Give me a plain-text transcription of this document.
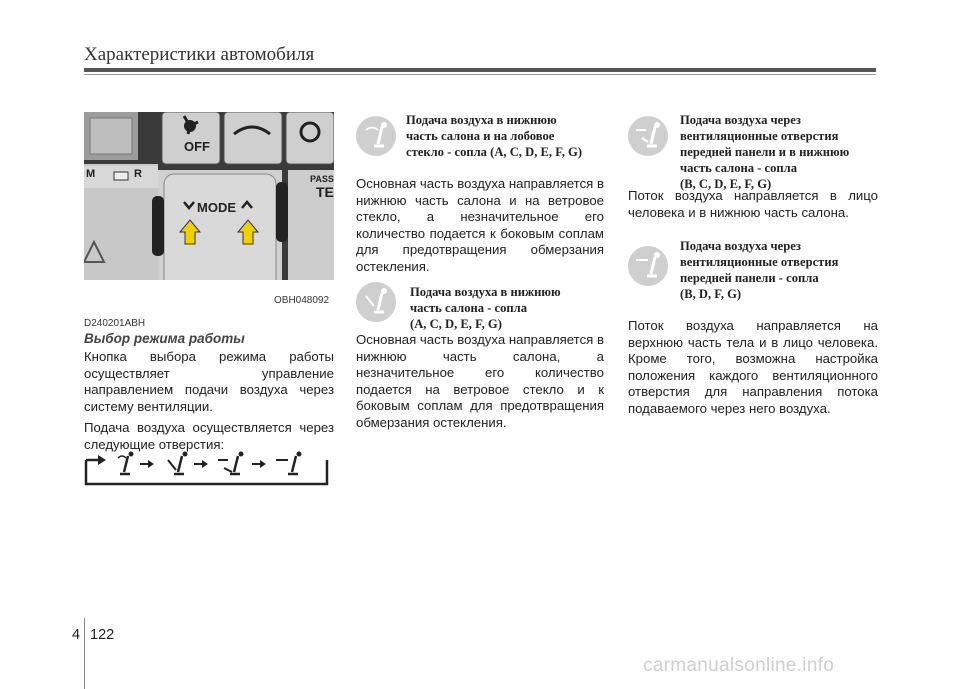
Характеристики автомобиля
OFF
MODE
M	R	PASS
TE
OBH048092
D240201ABH
Выбор режима работы

Кнопка выбора режима работы осуществляет управление направлением подачи воздуха через систему вентиляции.

Подача воздуха осуществляется через следующие отверстия:

Подача воздуха в нижнюю
часть салона и на лобовое
стекло - сопла (A, C, D, E, F, G)
Основная часть воздуха направляется в нижнюю часть салона и на ветровое стекло, а незначительное его количество подается к боковым соплам для предотвращения обмерзания остекления.
Подача воздуха в нижнюю
часть салона - сопла
(A, C, D, E, F, G)
Основная часть воздуха направляется в нижнюю часть салона, а незначительное его количество подается на ветровое стекло и к боковым соплам для предотвращения обмерзания остекления.
Подача воздуха через
вентиляционные отверстия
передней панели и в нижнюю
часть салона - сопла
(B, C, D, E, F, G)
Поток воздуха направляется в лицо человека и в нижнюю часть салона.
Подача воздуха через
вентиляционные отверстия
передней панели - сопла
(B, D, F, G)
Поток воздуха направляется на верхнюю часть тела и в лицо человека. Кроме того, возможна настройка положения каждого вентиляционного отверстия для направления потока подаваемого через него воздуха.
4 122
carmanualsonline.info
